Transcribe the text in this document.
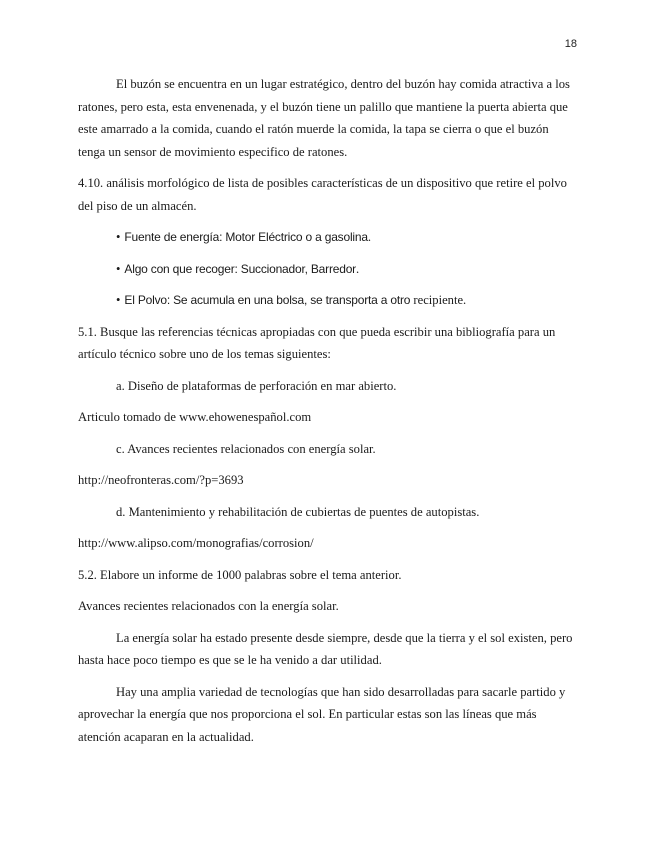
18

El buzón se encuentra en un lugar estratégico, dentro del buzón hay comida atractiva a los ratones, pero esta, esta envenenada, y el buzón tiene un palillo que mantiene la puerta abierta que este amarrado a la comida, cuando el ratón muerde la comida, la tapa se cierra o que el buzón tenga un sensor de movimiento especifico de ratones.

4.10. análisis morfológico de lista de posibles características de un dispositivo que retire el polvo del piso de un almacén.

• Fuente de energía: Motor Eléctrico o a gasolina.
• Algo con que recoger: Succionador, Barredor.
• El Polvo: Se acumula en una bolsa, se transporta a otro recipiente.

5.1. Busque las referencias técnicas apropiadas con que pueda escribir una bibliografía para un artículo técnico sobre uno de los temas siguientes:

a. Diseño de plataformas de perforación en mar abierto.

Articulo tomado de www.ehowenespañol.com

c. Avances recientes relacionados con energía solar.

http://neofronteras.com/?p=3693

d. Mantenimiento y rehabilitación de cubiertas de puentes de autopistas.

http://www.alipso.com/monografias/corrosion/

5.2. Elabore un informe de 1000 palabras sobre el tema anterior.

Avances recientes relacionados con la energía solar.

La energía solar ha estado presente desde siempre, desde que la tierra y el sol existen, pero hasta hace poco tiempo es que se le ha venido a dar utilidad.

Hay una amplia variedad de tecnologías que han sido desarrolladas para sacarle partido y aprovechar la energía que nos proporciona el sol. En particular estas son las líneas que más atención acaparan en la actualidad.
